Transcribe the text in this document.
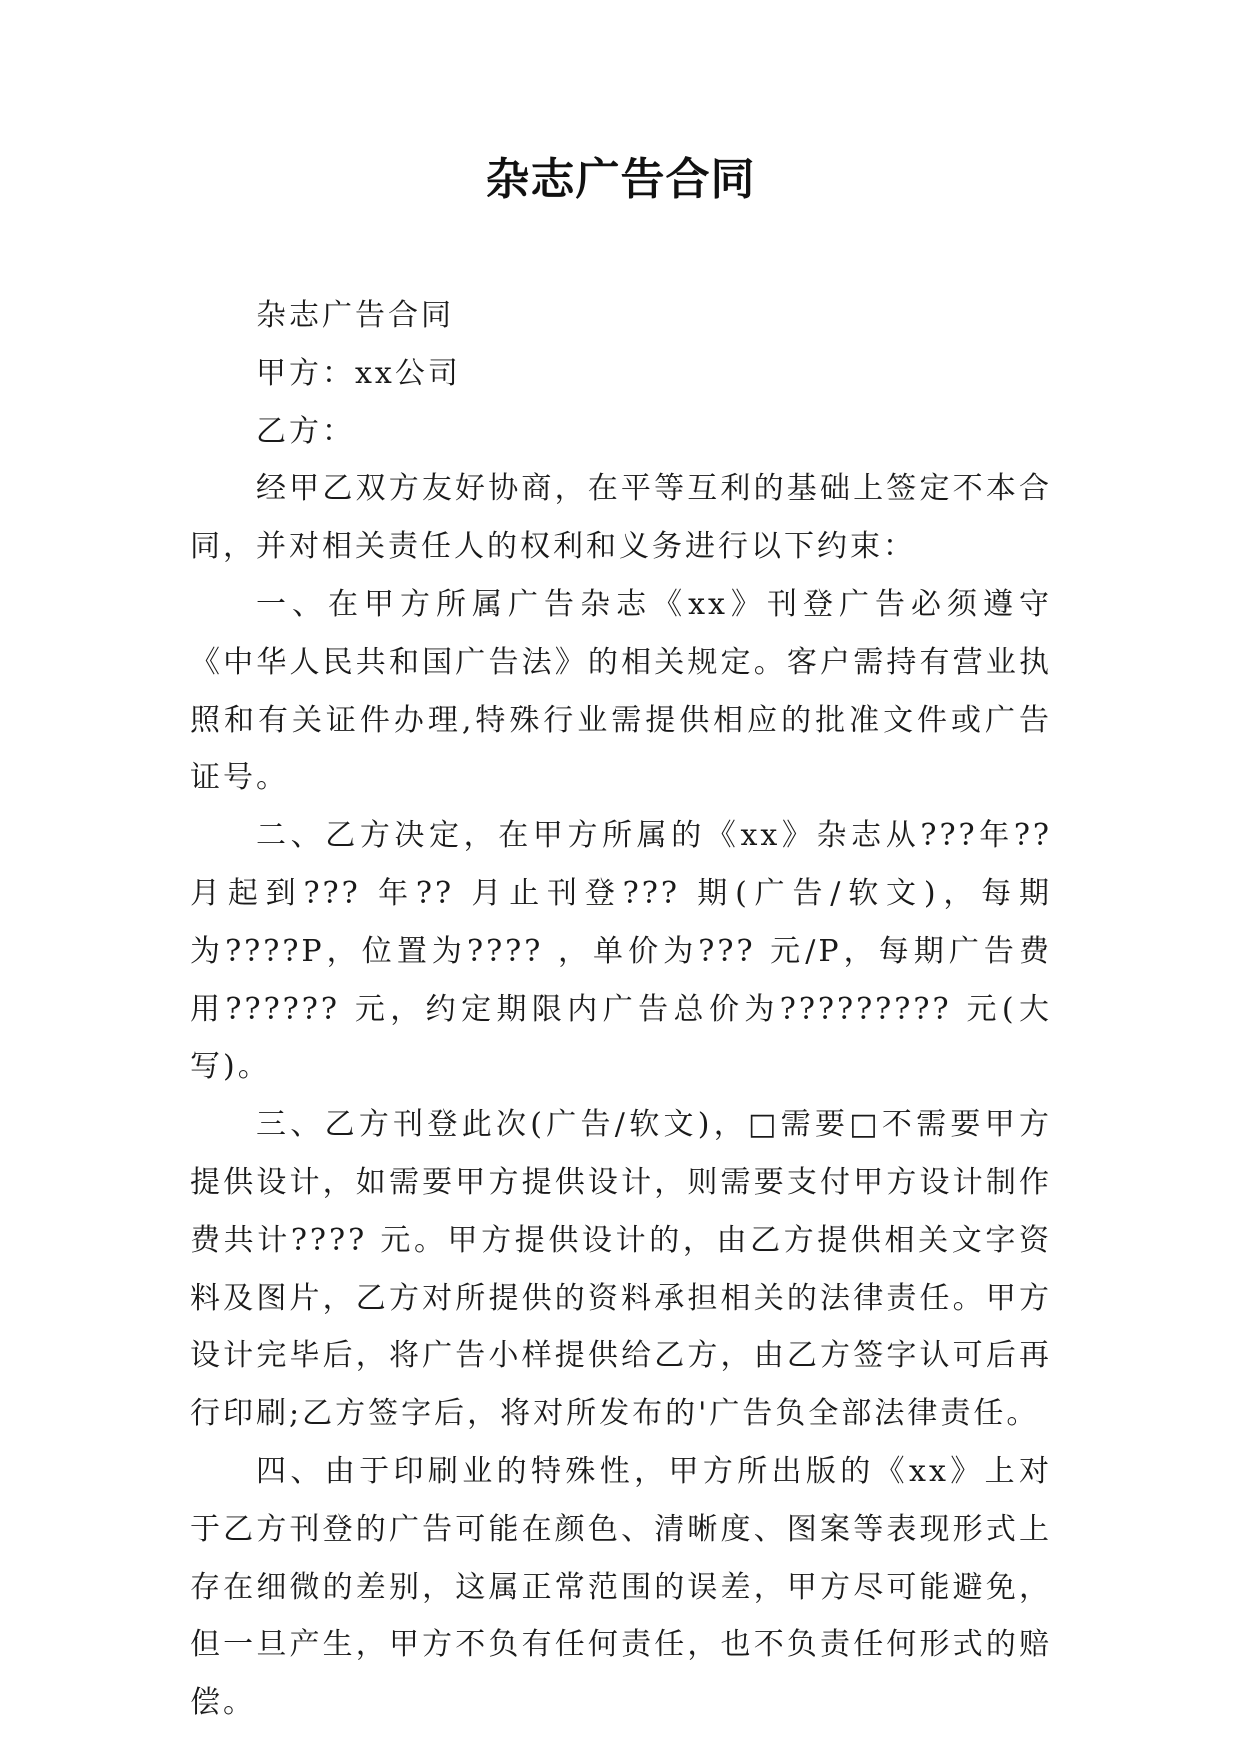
杂志广告合同

杂志广告合同

甲方：xx公司

乙方：

经甲乙双方友好协商，在平等互利的基础上签定不本合同，并对相关责任人的权利和义务进行以下约束：

一、在甲方所属广告杂志《xx》刊登广告必须遵守《中华人民共和国广告法》的相关规定。客户需持有营业执照和有关证件办理,特殊行业需提供相应的批准文件或广告证号。

二、乙方决定，在甲方所属的《xx》杂志从???年?? 月起到??? 年?? 月止刊登??? 期(广告/软文)，每期为????P，位置为???? ，单价为??? 元/P，每期广告费用?????? 元，约定期限内广告总价为????????? 元(大写)。

三、乙方刊登此次(广告/软文)，□需要□不需要甲方提供设计，如需要甲方提供设计，则需要支付甲方设计制作费共计???? 元。甲方提供设计的，由乙方提供相关文字资料及图片，乙方对所提供的资料承担相关的法律责任。甲方设计完毕后，将广告小样提供给乙方，由乙方签字认可后再行印刷;乙方签字后，将对所发布的'广告负全部法律责任。

四、由于印刷业的特殊性，甲方所出版的《xx》上对于乙方刊登的广告可能在颜色、清晰度、图案等表现形式上存在细微的差别，这属正常范围的误差，甲方尽可能避免，但一旦产生，甲方不负有任何责任，也不负责任何形式的赔偿。
